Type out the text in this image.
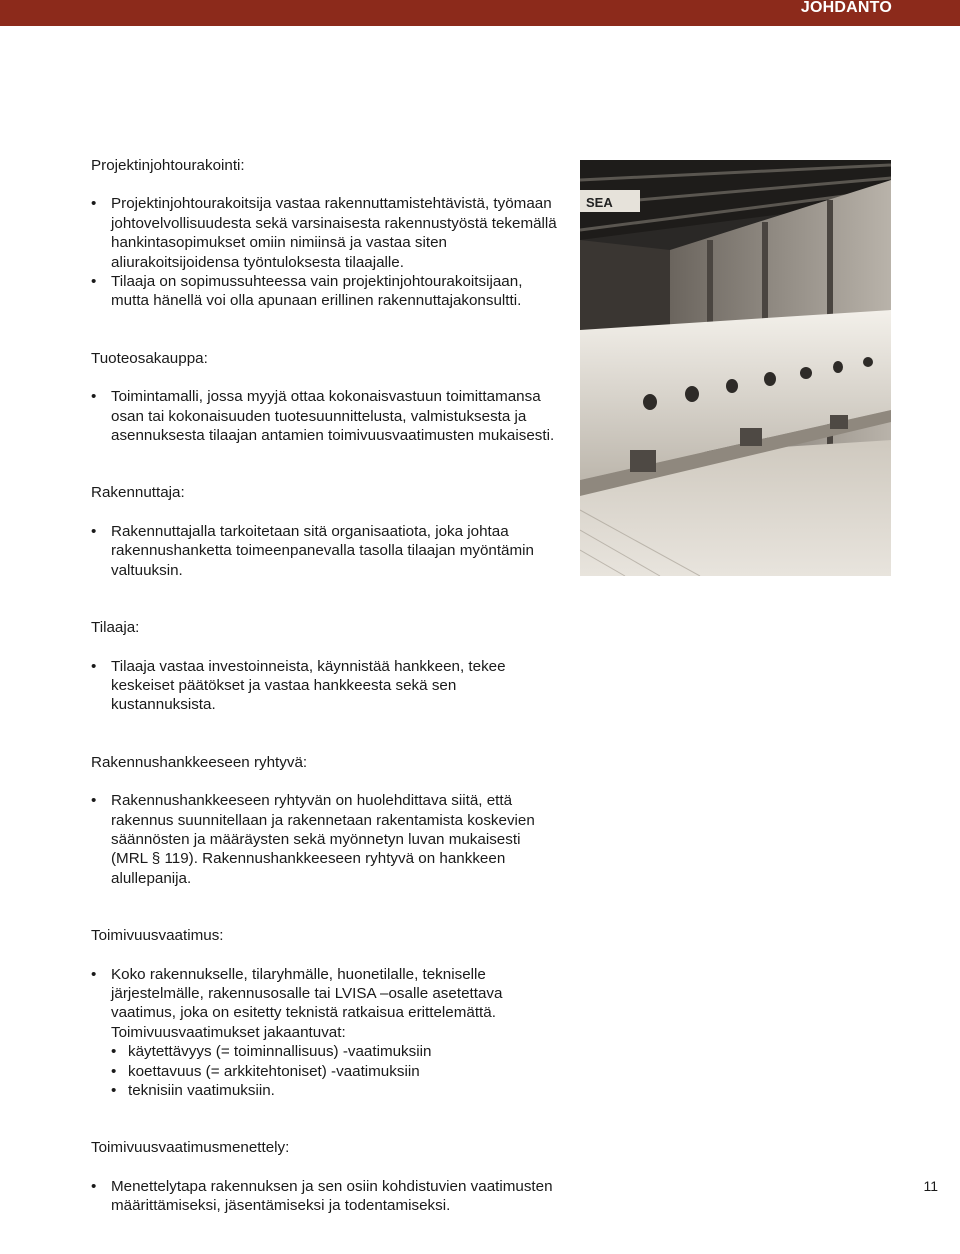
JOHDANTO

Projektinjohtourakointi:

• Projektinjohtourakoitsija vastaa rakennuttamistehtävistä, työmaan johtovelvollisuudesta sekä varsinaisesta rakennustyöstä tekemällä hankintasopimukset omiin nimiinsä ja vastaa siten aliurakoitsijoidensa työntuloksesta tilaajalle.
• Tilaaja on sopimussuhteessa vain projektinjohtourakoitsijaan, mutta hänellä voi olla apunaan erillinen rakennuttajakonsultti.

Tuoteosakauppa:

• Toimintamalli, jossa myyjä ottaa kokonaisvastuun toimittamansa osan tai kokonaisuuden tuotesuunnittelusta, valmistuksesta ja asennuksesta tilaajan antamien toimivuusvaatimusten mukaisesti.

Rakennuttaja:

• Rakennuttajalla tarkoitetaan sitä organisaatiota, joka johtaa rakennushanketta toimeenpanevalla tasolla tilaajan myöntämin valtuuksin.

Tilaaja:

• Tilaaja vastaa investoinneista, käynnistää hankkeen, tekee keskeiset päätökset ja vastaa hankkeesta sekä sen kustannuksista.

Rakennushankkeeseen ryhtyvä:

• Rakennushankkeeseen ryhtyvän on huolehdittava siitä, että rakennus suunnitellaan ja rakennetaan rakentamista koskevien säännösten ja määräysten sekä myönnetyn luvan mukaisesti (MRL § 119). Rakennushankkeeseen ryhtyvä on hankkeen alullepanija.

Toimivuusvaatimus:

• Koko rakennukselle, tilaryhmälle, huonetilalle, tekniselle järjestelmälle, rakennusosalle tai LVISA –osalle asetettava vaatimus, joka on esitetty teknistä ratkaisua erittelemättä. Toimivuusvaatimukset jakaantuvat:
• käytettävyys (= toiminnallisuus) -vaatimuksiin
• koettavuus (= arkkitehtoniset) -vaatimuksiin
• teknisiin vaatimuksiin.

Toimivuusvaatimusmenettely:

• Menettelytapa rakennuksen ja sen osiin kohdistuvien vaatimusten määrittämiseksi, jäsentämiseksi ja todentamiseksi.
SEA
11
